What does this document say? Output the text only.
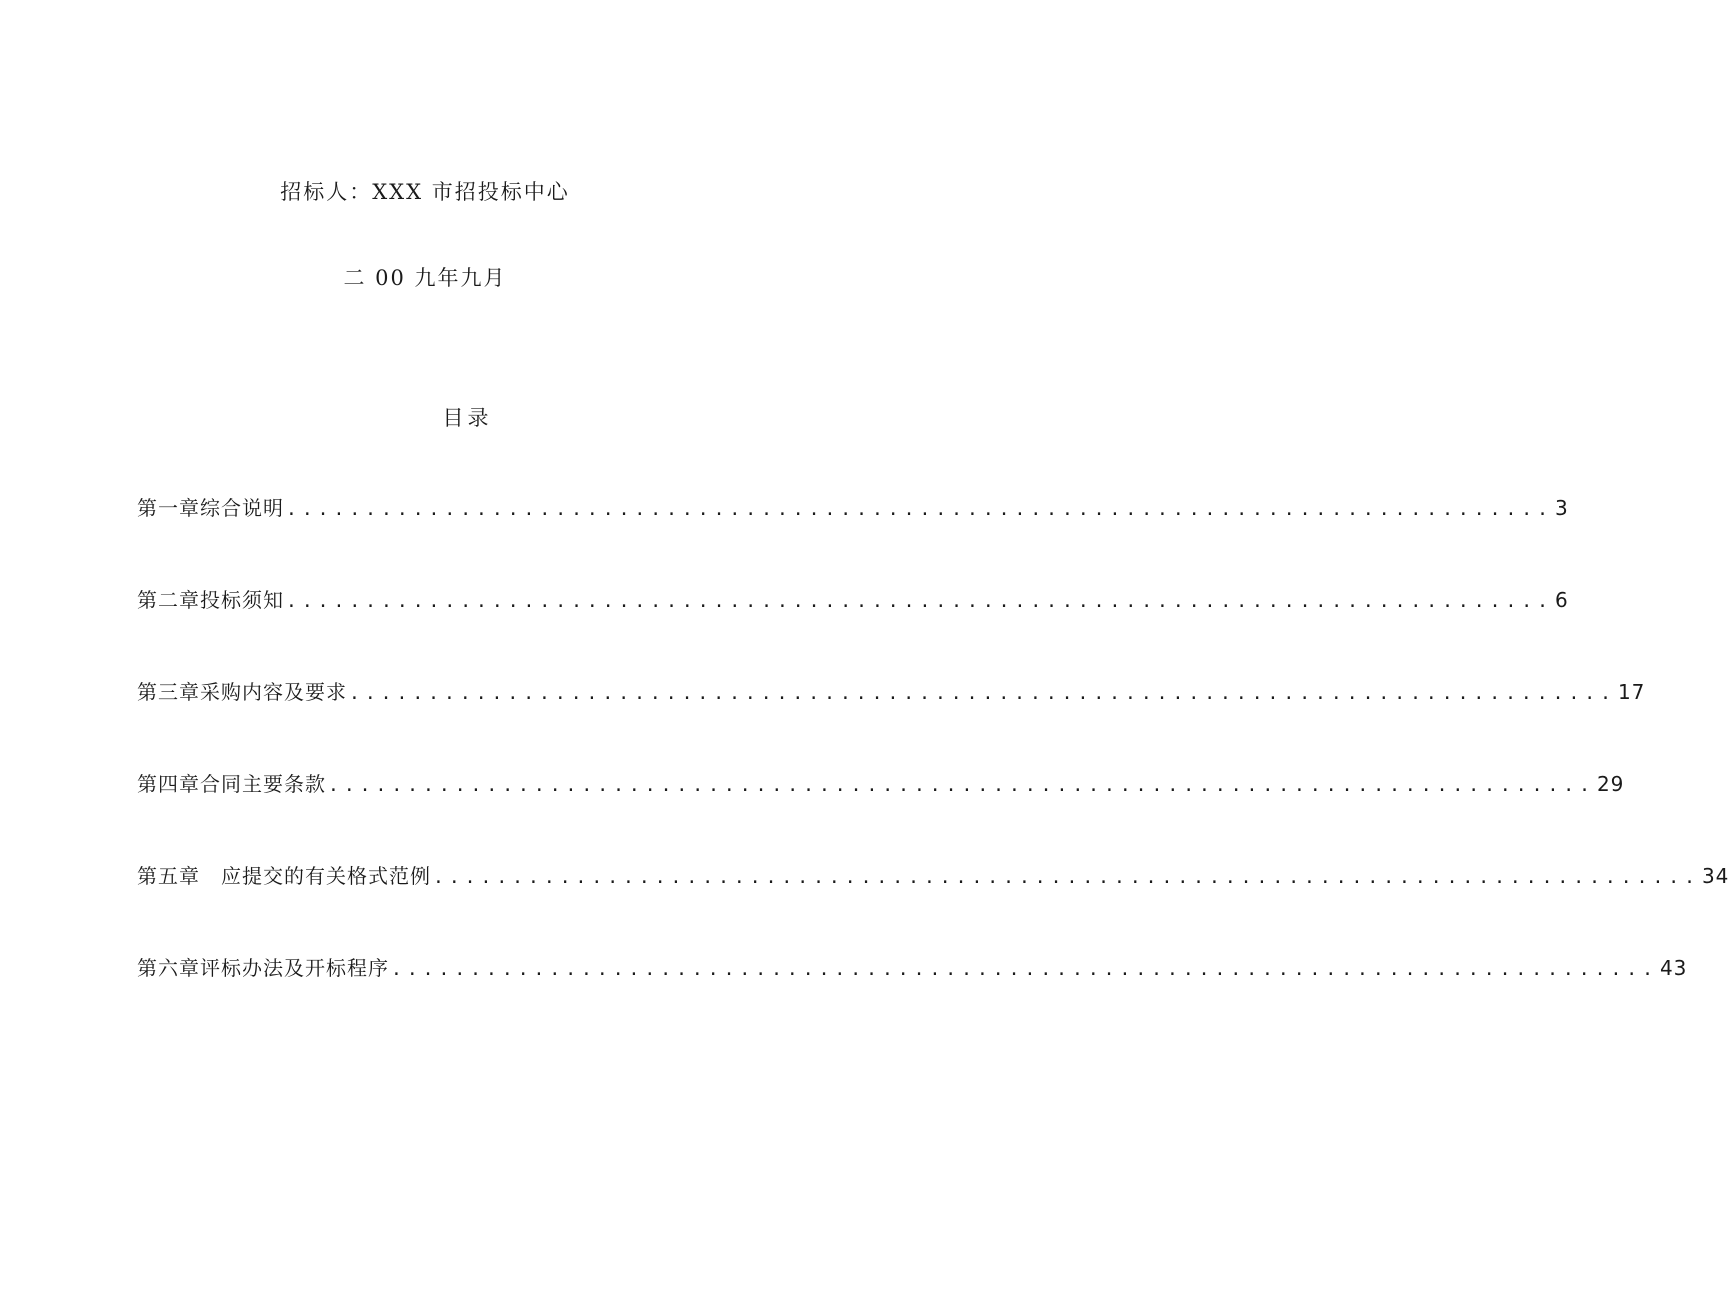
招标人：XXX 市招投标中心
二 00 九年九月
目录
第一章综合说明 ................................................................................ 3
第二章投标须知 ................................................................................ 6
第三章采购内容及要求 ................................................................................ 17
第四章合同主要条款 ................................................................................ 29
第五章　应提交的有关格式范例 ................................................................................ 34
第六章评标办法及开标程序 ................................................................................ 43
